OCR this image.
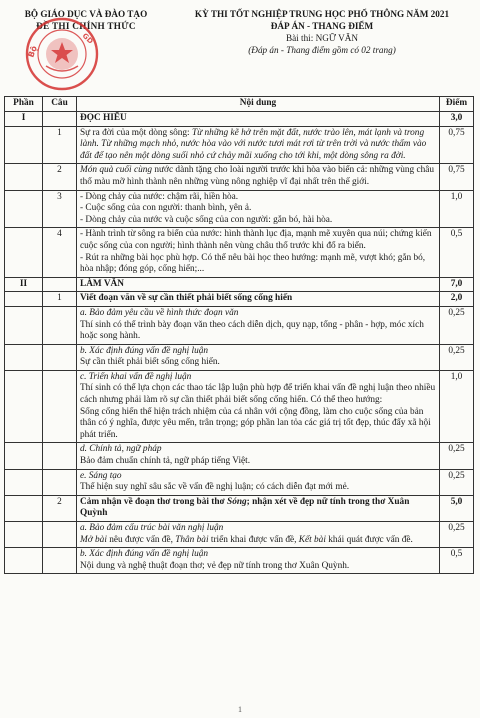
BỘ GIÁO DỤC VÀ ĐÀO TẠO
ĐỀ THI CHÍNH THỨC
KỲ THI TỐT NGHIỆP TRUNG HỌC PHỔ THÔNG NĂM 2021
ĐÁP ÁN - THANG ĐIỂM
Bài thi: NGỮ VĂN
(Đáp án - Thang điểm gồm có 02 trang)
Bộ
GD
Phần	Câu	Nội dung	Điểm
I		ĐỌC HIỂU	3,0
	1	Sự ra đời của một dòng sông: Từ những kẽ hở trên mặt đất, nước trào lên, mát lạnh và trong lành. Từ những mạch nhỏ, nước hòa vào với nước tươi mát rơi từ trên trời và nước thấm vào đất để tạo nên một dòng suối nhỏ cứ chảy mãi xuống cho tới khi, một dòng sông ra đời.	0,75
	2	Món quà cuối cùng nước dành tặng cho loài người trước khi hòa vào biển cả: những vùng châu thổ màu mỡ hình thành nên những vùng nông nghiệp vĩ đại nhất trên thế giới.	0,75
	3	- Dòng chảy của nước: chậm rãi, hiền hòa.
- Cuộc sống của con người: thanh bình, yên ả.
- Dòng chảy của nước và cuộc sống của con người: gắn bó, hài hòa.	1,0
	4	- Hành trình từ sông ra biển của nước: hình thành lục địa, mạnh mẽ xuyên qua núi; chứng kiến cuộc sống của con người; hình thành nên vùng châu thổ trước khi đổ ra biển.
- Rút ra những bài học phù hợp. Có thể nêu bài học theo hướng: mạnh mẽ, vượt khó; gắn bó, hòa nhập; đóng góp, cống hiến;...	0,5
II		LÀM VĂN	7,0
	1	Viết đoạn văn về sự cần thiết phải biết sống cống hiến	2,0

		a. Bảo đảm yêu cầu về hình thức đoạn văn
Thí sinh có thể trình bày đoạn văn theo cách diễn dịch, quy nạp, tổng - phân - hợp, móc xích hoặc song hành.	0,25

		b. Xác định đúng vấn đề nghị luận
Sự cần thiết phải biết sống cống hiến.	0,25

		c. Triển khai vấn đề nghị luận
Thí sinh có thể lựa chọn các thao tác lập luận phù hợp để triển khai vấn đề nghị luận theo nhiều cách nhưng phải làm rõ sự cần thiết phải biết sống cống hiến. Có thể theo hướng:
Sống cống hiến thể hiện trách nhiệm của cá nhân với cộng đồng, làm cho cuộc sống của bản thân có ý nghĩa, được yêu mến, trân trọng; góp phần lan tỏa các giá trị tốt đẹp, thúc đẩy xã hội phát triển.	1,0

		d. Chính tả, ngữ pháp
Bảo đảm chuẩn chính tả, ngữ pháp tiếng Việt.	0,25

		e. Sáng tạo
Thể hiện suy nghĩ sâu sắc về vấn đề nghị luận; có cách diễn đạt mới mẻ.	0,25
	2	Cảm nhận về đoạn thơ trong bài thơ Sóng; nhận xét về đẹp nữ tính trong thơ Xuân Quỳnh	5,0

		a. Bảo đảm cấu trúc bài văn nghị luận
Mở bài nêu được vấn đề, Thân bài triển khai được vấn đề, Kết bài khái quát được vấn đề.	0,25

		b. Xác định đúng vấn đề nghị luận
Nội dung và nghệ thuật đoạn thơ; vẻ đẹp nữ tính trong thơ Xuân Quỳnh.	0,5
1
